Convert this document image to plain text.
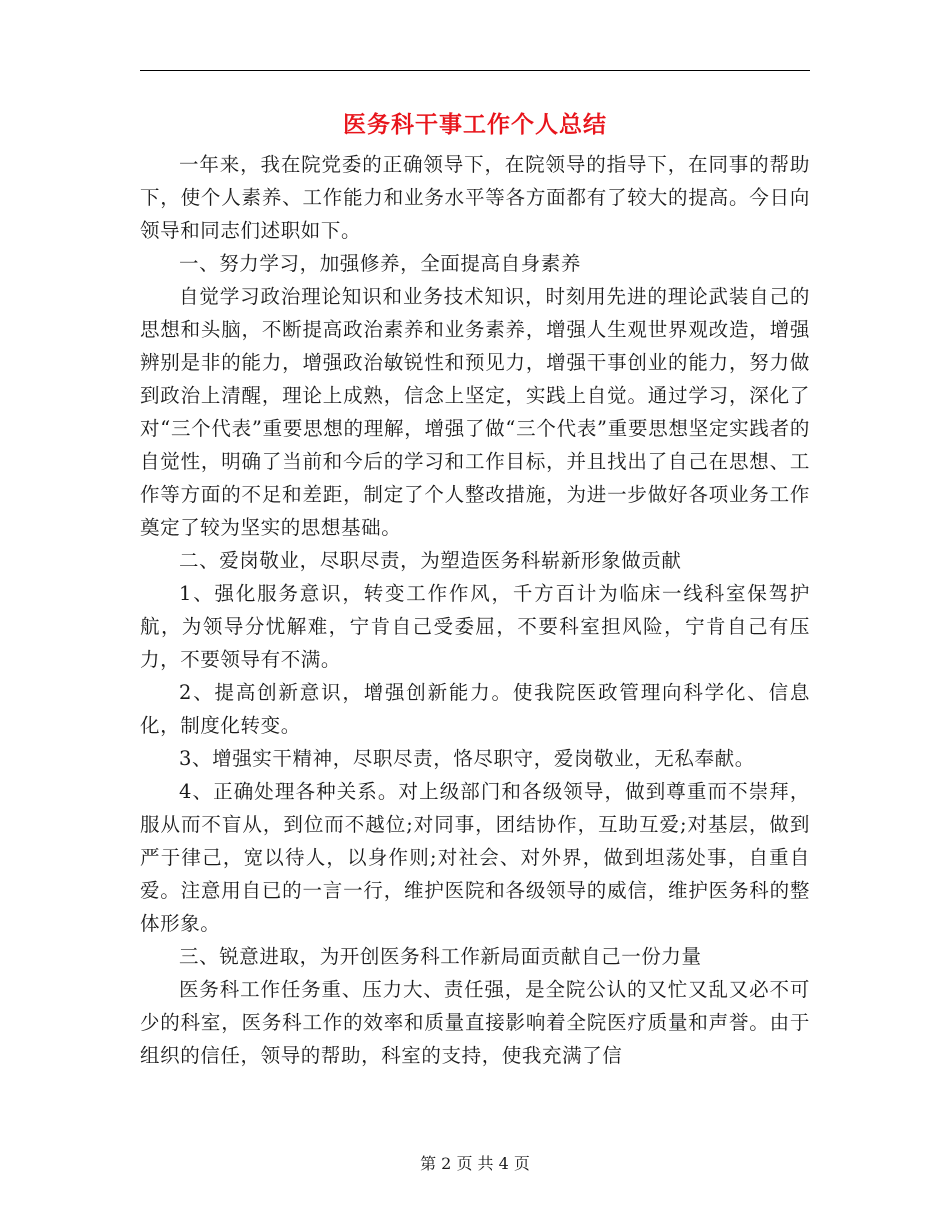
医务科干事工作个人总结

一年来，我在院党委的正确领导下，在院领导的指导下，在同事的帮助下，使个人素养、工作能力和业务水平等各方面都有了较大的提高。今日向领导和同志们述职如下。

一、努力学习，加强修养，全面提高自身素养

自觉学习政治理论知识和业务技术知识，时刻用先进的理论武装自己的思想和头脑，不断提高政治素养和业务素养，增强人生观世界观改造，增强辨别是非的能力，增强政治敏锐性和预见力，增强干事创业的能力，努力做到政治上清醒，理论上成熟，信念上坚定，实践上自觉。通过学习，深化了对“三个代表”重要思想的理解，增强了做“三个代表”重要思想坚定实践者的自觉性，明确了当前和今后的学习和工作目标，并且找出了自己在思想、工作等方面的不足和差距，制定了个人整改措施，为进一步做好各项业务工作奠定了较为坚实的思想基础。

二、爱岗敬业，尽职尽责，为塑造医务科崭新形象做贡献

1、强化服务意识，转变工作作风，千方百计为临床一线科室保驾护航，为领导分忧解难，宁肯自己受委屈，不要科室担风险，宁肯自己有压力，不要领导有不满。

2、提高创新意识，增强创新能力。使我院医政管理向科学化、信息化，制度化转变。

3、增强实干精神，尽职尽责，恪尽职守，爱岗敬业，无私奉献。

4、正确处理各种关系。对上级部门和各级领导，做到尊重而不崇拜，服从而不盲从，到位而不越位;对同事，团结协作，互助互爱;对基层，做到严于律己，宽以待人，以身作则;对社会、对外界，做到坦荡处事，自重自爱。注意用自已的一言一行，维护医院和各级领导的威信，维护医务科的整体形象。

三、锐意进取，为开创医务科工作新局面贡献自己一份力量

医务科工作任务重、压力大、责任强，是全院公认的又忙又乱又必不可少的科室，医务科工作的效率和质量直接影响着全院医疗质量和声誉。由于组织的信任，领导的帮助，科室的支持，使我充满了信

第 2 页 共 4 页
